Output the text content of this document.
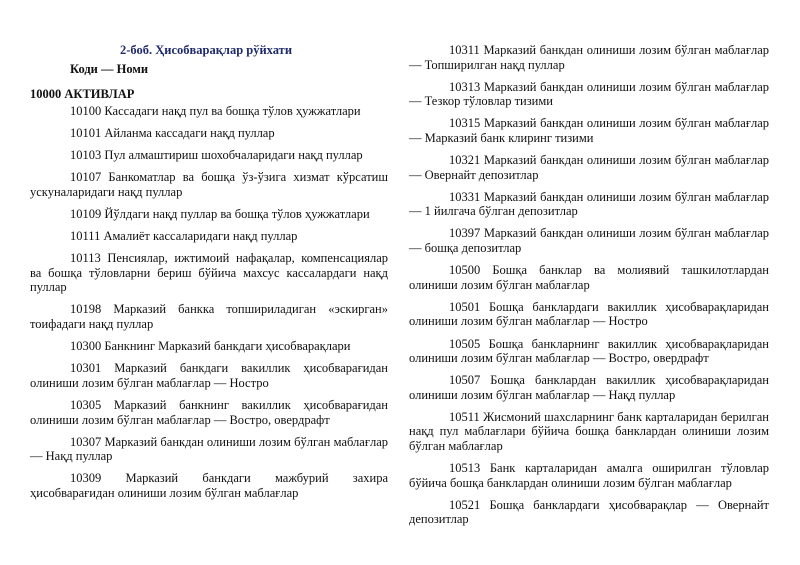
2-боб. Ҳисобварақлар рўйхати
Коди — Номи
10000 АКТИВЛАР

10100 Кассадаги нақд пул ва бошқа тўлов ҳужжатлари

10101 Айланма кассадаги нақд пуллар

10103 Пул алмаштириш шохобчаларидаги нақд пуллар

10107 Банкоматлар ва бошқа ўз-ўзига хизмат кўрсатиш ускуналаридаги нақд пуллар

10109 Йўлдаги нақд пуллар ва бошқа тўлов ҳужжатлари

10111 Амалиёт кассаларидаги нақд пуллар

10113 Пенсиялар, ижтимоий нафақалар, компенсациялар ва бошқа тўловларни бериш бўйича махсус кассалардаги нақд пуллар

10198 Марказий банкка топшириладиган «эскирган» тоифадаги нақд пуллар

10300 Банкнинг Марказий банкдаги ҳисобварақлари

10301 Марказий банкдаги вакиллик ҳисобварағидан олиниши лозим бўлган маблағлар — Ностро

10305 Марказий банкнинг вакиллик ҳисобварағидан олиниши лозим бўлган маблағлар — Востро, овердрафт

10307 Марказий банкдан олиниши лозим бўлган маблағлар — Нақд пуллар

10309 Марказий банкдаги мажбурий захира ҳисобварағидан олиниши лозим бўлган маблағлар

10311 Марказий банкдан олиниши лозим бўлган маблағлар — Топширилган нақд пуллар

10313 Марказий банкдан олиниши лозим бўлган маблағлар — Тезкор тўловлар тизими

10315 Марказий банкдан олиниши лозим бўлган маблағлар— Марказий банк клиринг тизими

10321 Марказий банкдан олиниши лозим бўлган маблағлар — Овернайт депозитлар

10331 Марказий банкдан олиниши лозим бўлган маблағлар — 1 йилгача бўлган депозитлар

10397 Марказий банкдан олиниши лозим бўлган маблағлар — бошқа депозитлар

10500 Бошқа банклар ва молиявий ташкилотлардан олиниши лозим бўлган маблағлар

10501 Бошқа банклардаги вакиллик ҳисобварақларидан олиниши лозим бўлган маблағлар — Ностро

10505 Бошқа банкларнинг вакиллик ҳисобварақларидан олиниши лозим бўлган маблағлар — Востро, овердрафт

10507 Бошқа банклардан вакиллик ҳисобварақларидан олиниши лозим бўлган маблағлар — Нақд пуллар

10511 Жисмоний шахсларнинг банк карталаридан берилган нақд пул маблағлари бўйича бошқа банклардан олиниши лозим бўлган маблағлар

10513 Банк карталаридан амалга оширилган тўловлар бўйича бошқа банклардан олиниши лозим бўлган маблағлар

10521 Бошқа банклардаги ҳисобварақлар — Овернайт депозитлар
